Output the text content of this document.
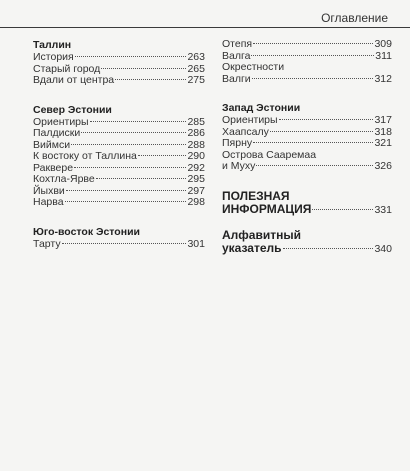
Оглавление
Таллин
История	263
Старый город	265
Вдали от центра	275
Север Эстонии
Ориентиры	285
Палдиски	286
Виймси	288
К востоку от Таллина	290
Раквере	292
Кохтла-Ярве	295
Йыхви	297
Нарва	298
Юго-восток Эстонии
Тарту	301
Отепя	309
Валга	311
Окрестности
Валги	312
Запад Эстонии
Ориентиры	317
Хаапсалу	318
Пярну	321
Острова Сааремаа
и Муху	326
ПОЛЕЗНАЯ
ИНФОРМАЦИЯ	331
Алфавитный
указатель	340
